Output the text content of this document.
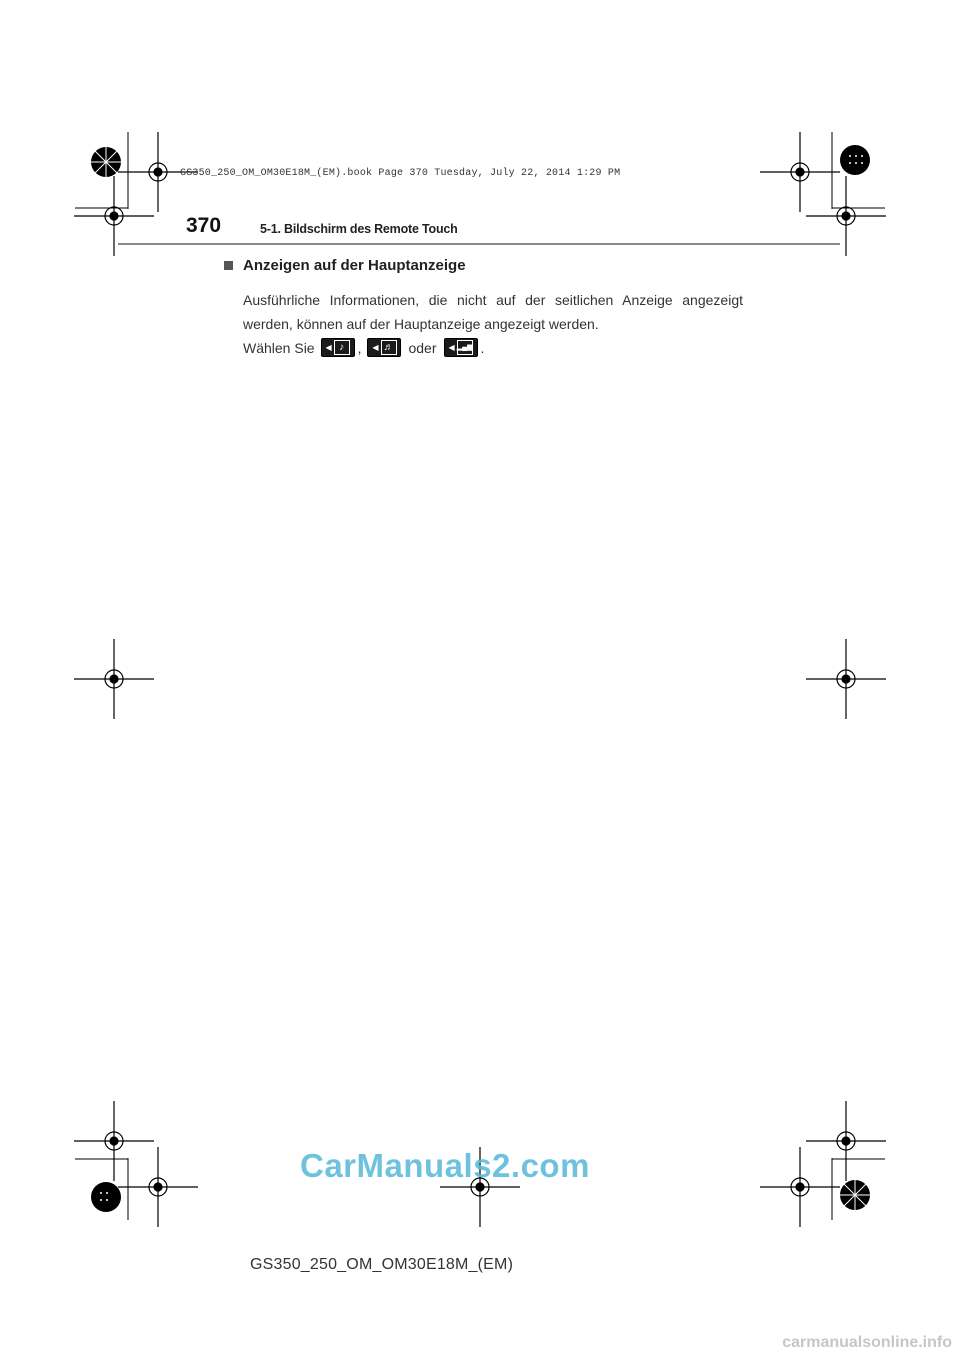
GS350_250_OM_OM30E18M_(EM).book Page 370 Tuesday, July 22, 2014 1:29 PM
370	5-1. Bildschirm des Remote Touch
Anzeigen auf der Hauptanzeige
Ausführliche Informationen, die nicht auf der seitlichen Anzeige angezeigt werden, können auf der Hauptanzeige angezeigt werden.
Wählen Sie ◀ ♪ , ◀ ♬ oder ◀ ▂▄▆ .
CarManuals2.com
GS350_250_OM_OM30E18M_(EM)
carmanualsonline.info
